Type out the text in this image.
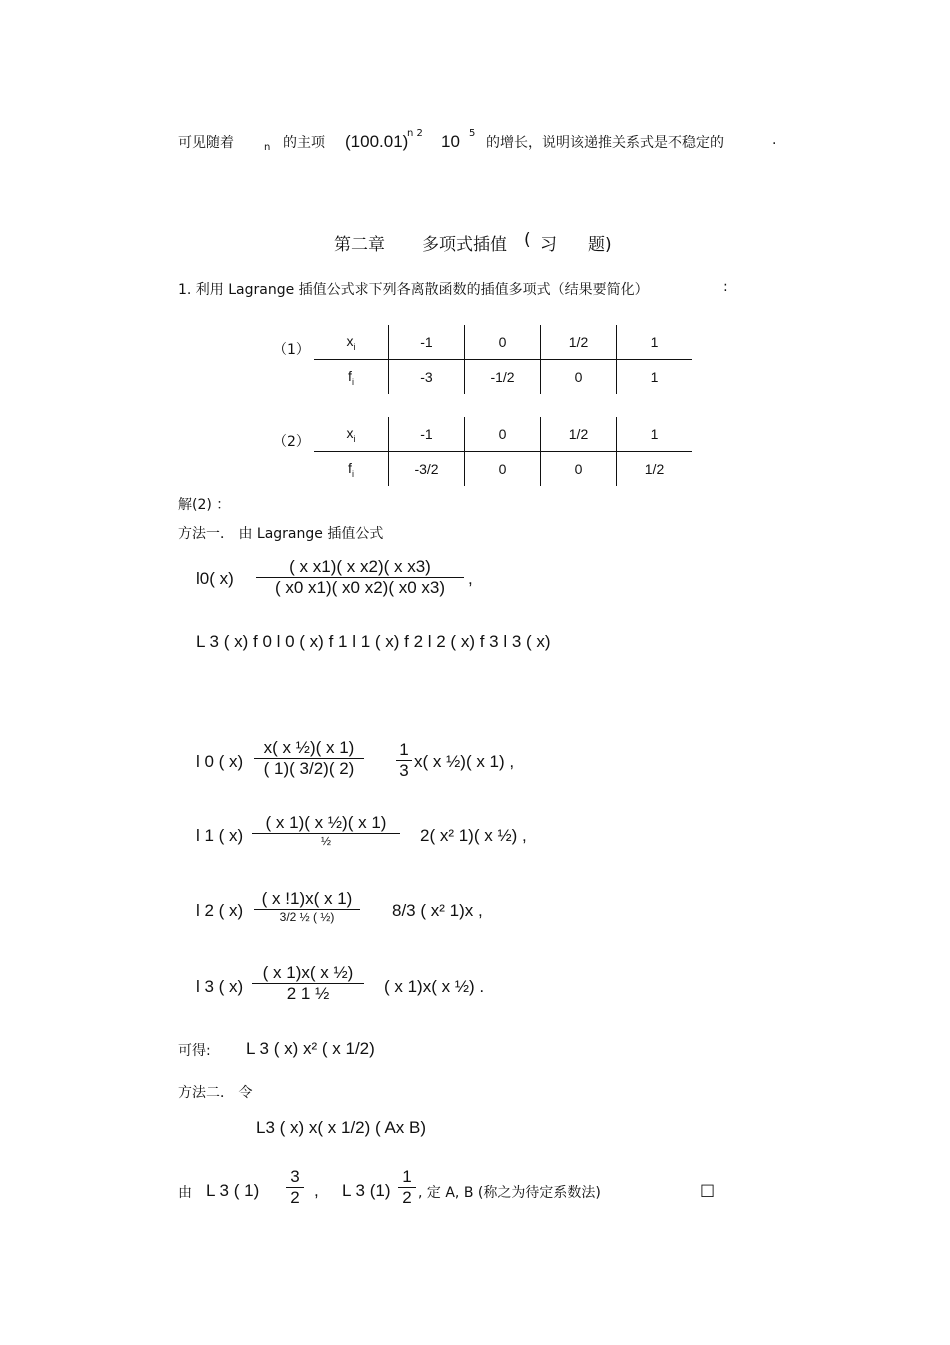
可见随着	n 的主项 (100.01)
n 2 10 5
的增长，说明该递推关系式是不稳定的	.
第二章 多项式插值 ( 习 题)
1. 利用 Lagrange 插值公式求下列各离散函数的插值多项式（结果要简化）	:
（1）
$x_i$	-1	0	1/2	1
$f_i$	-3	-1/2	0	1
（2）
$x_i$	-1	0	1/2	1
$f_i$	-3/2	0	0	1/2
解(2) ：
方法一． 由 Lagrange 插值公式
l0( $x) \frac{\text{( x x1)( x x2)( x x3)}}{( x0 x1)( x0 x2)( x0 x3)}$ ,
L 3 ( x) f 0 l 0 ( x) f 1 l 1 ( x) f 2 l 2 ( x) f 3 l 3 ( x)
l 0 ( $x) \frac{\text{x( x ½)( x 1)}}{( 1)( 3/2)( 2)} \frac{1}{3} x$( x ½)( x 1) ,
l 1 ( x)
( x 1)( x ½)( x 1)
½	2( x² 1)( x ½) ,
l 2 ( x)
( x !1)x( x 1)
3/2 ½ ( ½)	8/3 ( x² 1)x ,
l 3 ( $x) \frac{\text{( x 1)x( x ½)}}{\text{2 1 ½}}$ ( x 1)x( x ½) .
可得: L 3 ( x) x² ( x 1/2)
方法二． 令
L3 ( x) x( x 1/2) ( Ax B)
由 L 3 ( $1) \frac{3}{2}$ , L 3 $(1) \frac{1}{2}$ , 定 A, B (称之为待定系数法)	□
